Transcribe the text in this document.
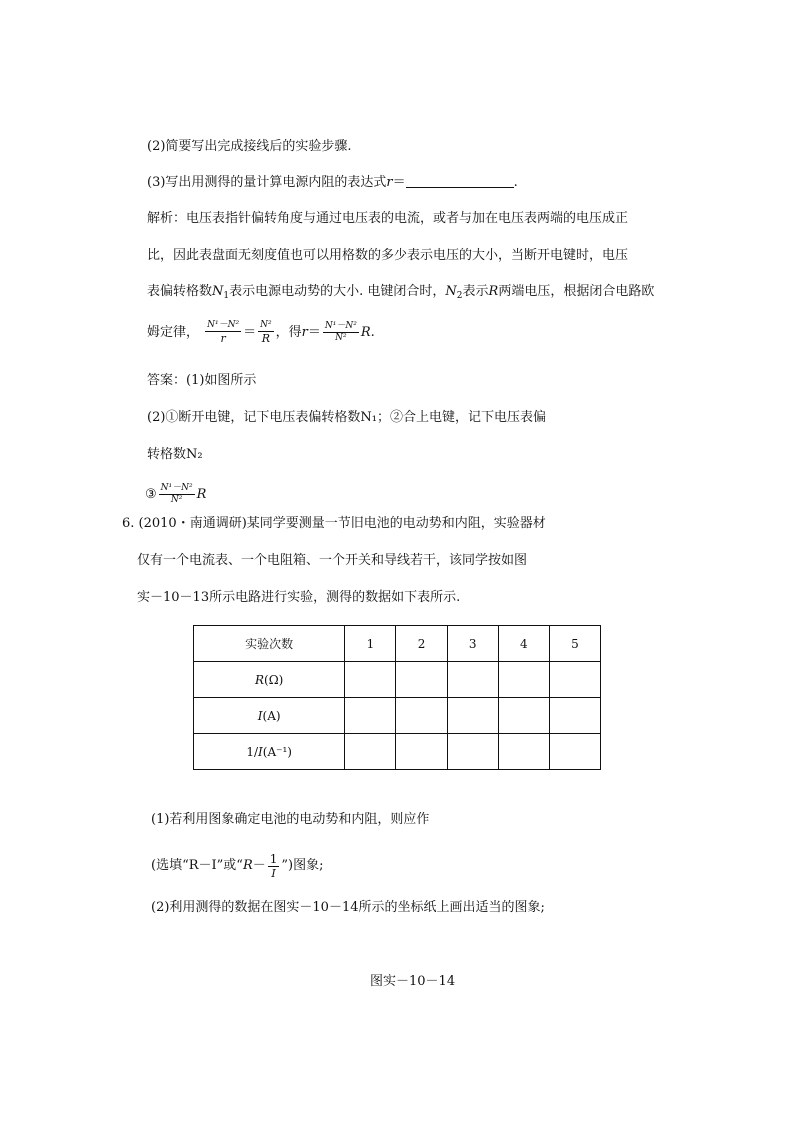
(2)简要写出完成接线后的实验步骤.
(3)写出用测得的量计算电源内阻的表达式r＝	.
解析：电压表指针偏转角度与通过电压表的电流，或者与加在电压表两端的电压成正
比，因此表盘面无刻度值也可以用格数的多少表示电压的大小，当断开电键时，电压
表偏转格数$N_1$表示电源电动势的大小. 电键闭合时，$N_2$表示R两端电压，根据闭合电路欧
姆定律， $\frac{\text{N¹－N²}}{r} = \frac{\text{N²}}{R}$ ，得$r= \frac{\text{N¹－N²}}{\text{N²}} R$.
答案：(1)如图所示
(2)①断开电键，记下电压表偏转格数N₁；②合上电键，记下电压表偏
转格数N₂
③ $\frac{\text{N¹－N²}}{\text{N²}}$ R
6. (2010・南通调研)某同学要测量一节旧电池的电动势和内阻，实验器材
仅有一个电流表、一个电阻箱、一个开关和导线若干，该同学按如图
实－10－13所示电路进行实验，测得的数据如下表所示.
实验次数	1	2	3	4	5
R(Ω)					
I(A)					
1/I(A⁻¹)					
(1)若利用图象确定电池的电动势和内阻，则应作
(选填“R－I”或“$R- \frac{1}{I}$ ”)图象;
(2)利用测得的数据在图实－10－14所示的坐标纸上画出适当的图象;
图实－10－14
